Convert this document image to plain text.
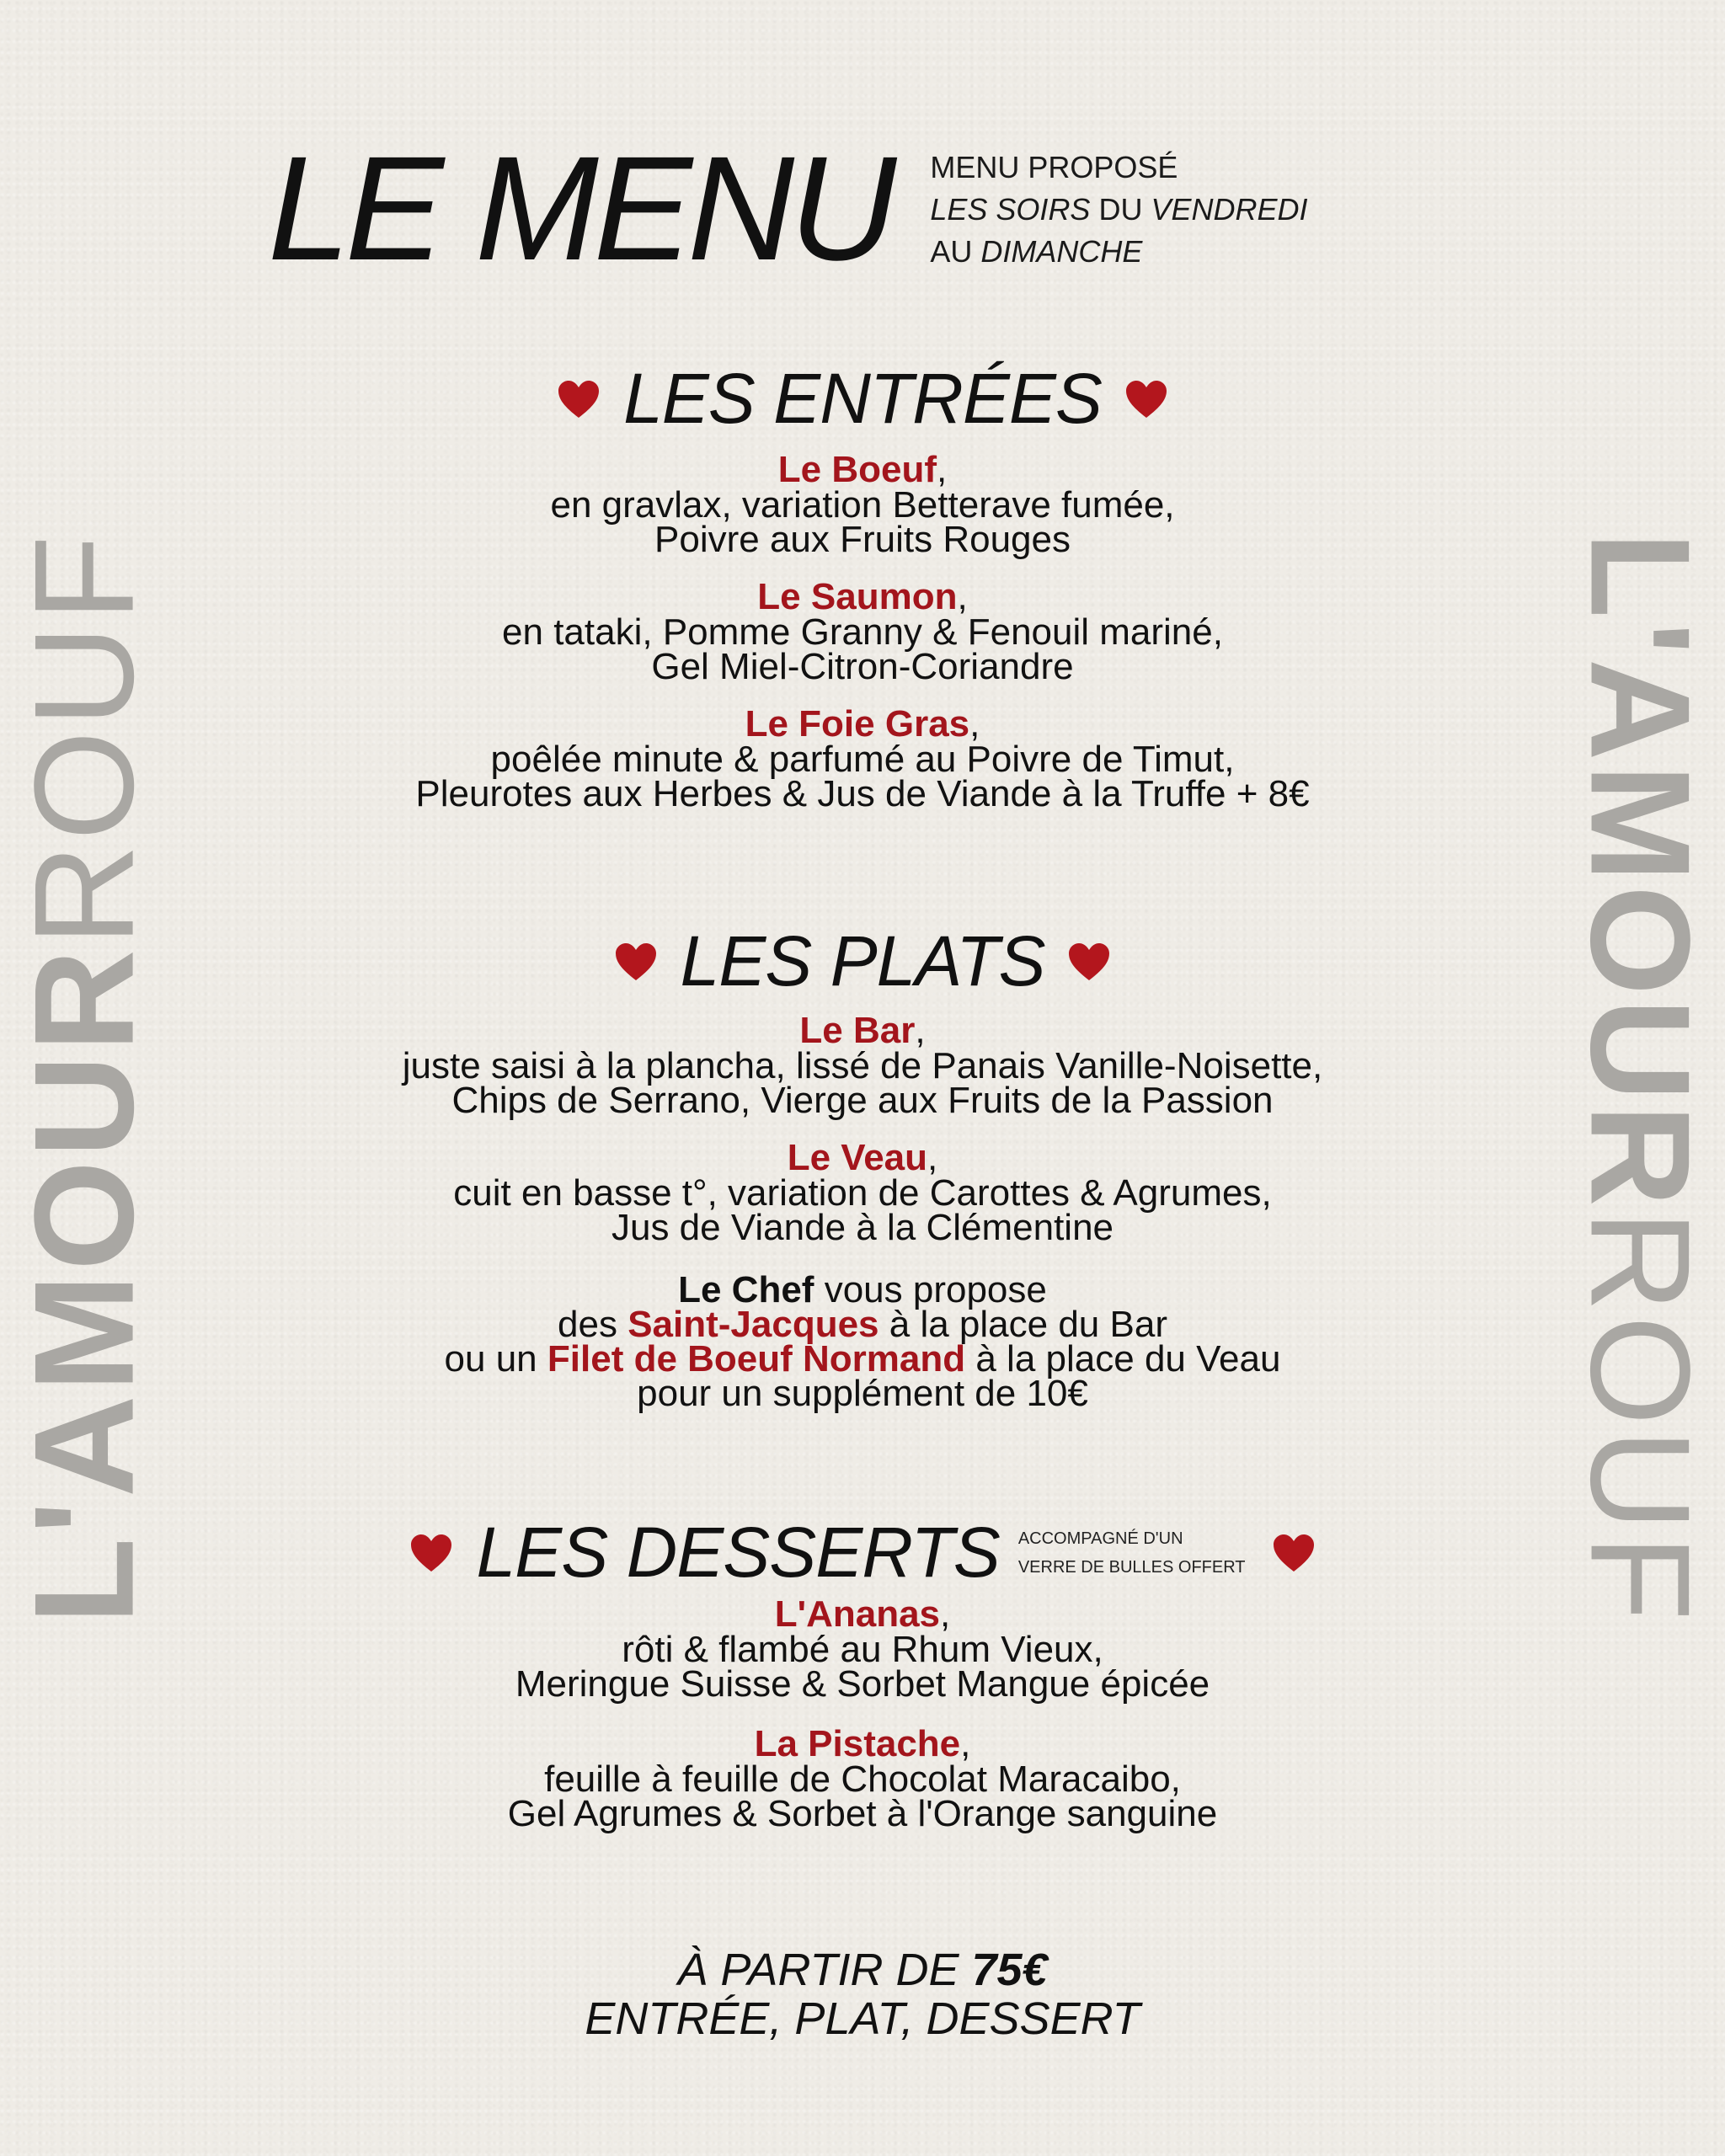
L'AMOURROUF	L'AMOURROUF
LE MENU MENU PROPOSÉ
LES SOIRS DU VENDREDI
AU DIMANCHE
LES ENTRÉES
Le Boeuf,
en gravlax, variation Betterave fumée,
Poivre aux Fruits Rouges
Le Saumon,
en tataki, Pomme Granny & Fenouil mariné,
Gel Miel-Citron-Coriandre
Le Foie Gras,
poêlée minute & parfumé au Poivre de Timut,
Pleurotes aux Herbes & Jus de Viande à la Truffe + 8€
LES PLATS
Le Bar,
juste saisi à la plancha, lissé de Panais Vanille-Noisette,
Chips de Serrano, Vierge aux Fruits de la Passion
Le Veau,
cuit en basse t°, variation de Carottes & Agrumes,
Jus de Viande à la Clémentine
Le Chef vous propose
des Saint-Jacques à la place du Bar
ou un Filet de Boeuf Normand à la place du Veau
pour un supplément de 10€
LES DESSERTS ACCOMPAGNÉ D'UN
VERRE DE BULLES OFFERT
L'Ananas,
rôti & flambé au Rhum Vieux,
Meringue Suisse & Sorbet Mangue épicée
La Pistache,
feuille à feuille de Chocolat Maracaibo,
Gel Agrumes & Sorbet à l'Orange sanguine
À PARTIR DE 75€
ENTRÉE, PLAT, DESSERT
